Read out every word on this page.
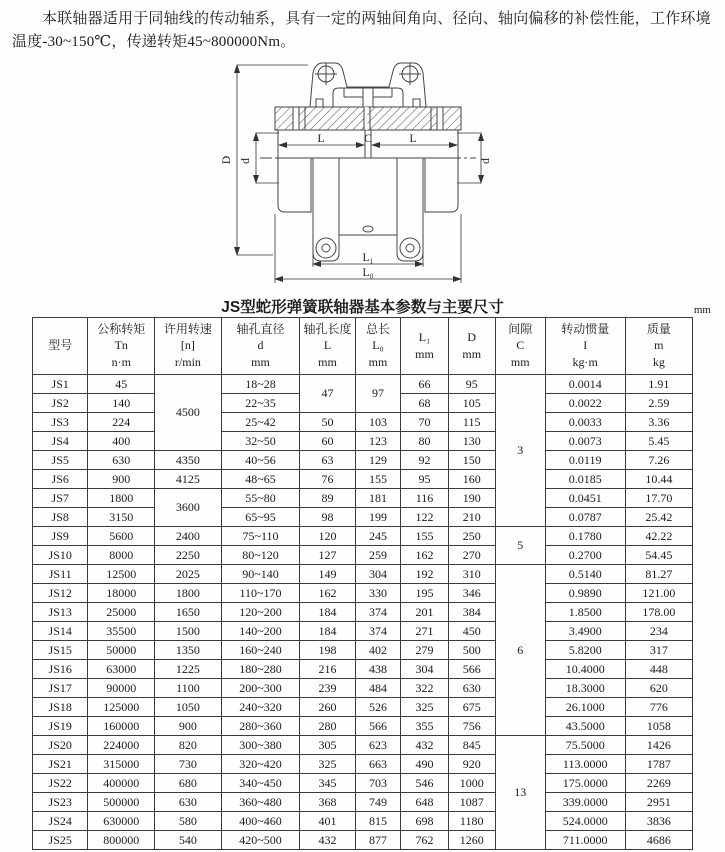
本联轴器适用于同轴线的传动轴系，具有一定的两轴间角向、径向、轴向偏移的补偿性能，工作环境温度-30~150℃，传递转矩45~800000Nm。
D d	d
L	C	L
L₁
L₀
JS型蛇形弹簧联轴器基本参数与主要尺寸	mm
型号

公称转矩
Tn
n·m

许用转速
[n]
r/min

轴孔直径
d
mm

轴孔长度
L
mm

总长
L₀
mm

L₁
mm

D
mm

间隙
C
mm

转动惯量
I
kg·m

质量
m
kg

JS1	45	4500	18~28	47	97	66	95	3	0.0014	1.91
JS2	140		22~35			68	105		0.0022	2.59
JS3	224		25~42	50	103	70	115		0.0033	3.36
JS4	400		32~50	60	123	80	130		0.0073	5.45
JS5	630	4350	40~56	63	129	92	150		0.0119	7.26
JS6	900	4125	48~65	76	155	95	160		0.0185	10.44
JS7	1800	3600	55~80	89	181	116	190		0.0451	17.70
JS8	3150		65~95	98	199	122	210		0.0787	25.42
JS9	5600	2400	75~110	120	245	155	250	5	0.1780	42.22
JS10	8000	2250	80~120	127	259	162	270		0.2700	54.45
JS11	12500	2025	90~140	149	304	192	310	6	0.5140	81.27
JS12	18000	1800	110~170	162	330	195	346		0.9890	121.00
JS13	25000	1650	120~200	184	374	201	384		1.8500	178.00
JS14	35500	1500	140~200	184	374	271	450		3.4900	234
JS15	50000	1350	160~240	198	402	279	500		5.8200	317
JS16	63000	1225	180~280	216	438	304	566		10.4000	448
JS17	90000	1100	200~300	239	484	322	630		18.3000	620
JS18	125000	1050	240~320	260	526	325	675		26.1000	776
JS19	160000	900	280~360	280	566	355	756		43.5000	1058
JS20	224000	820	300~380	305	623	432	845	13	75.5000	1426
JS21	315000	730	320~420	325	663	490	920		113.0000	1787
JS22	400000	680	340~450	345	703	546	1000		175.0000	2269
JS23	500000	630	360~480	368	749	648	1087		339.0000	2951
JS24	630000	580	400~460	401	815	698	1180		524.0000	3836
JS25	800000	540	420~500	432	877	762	1260		711.0000	4686
